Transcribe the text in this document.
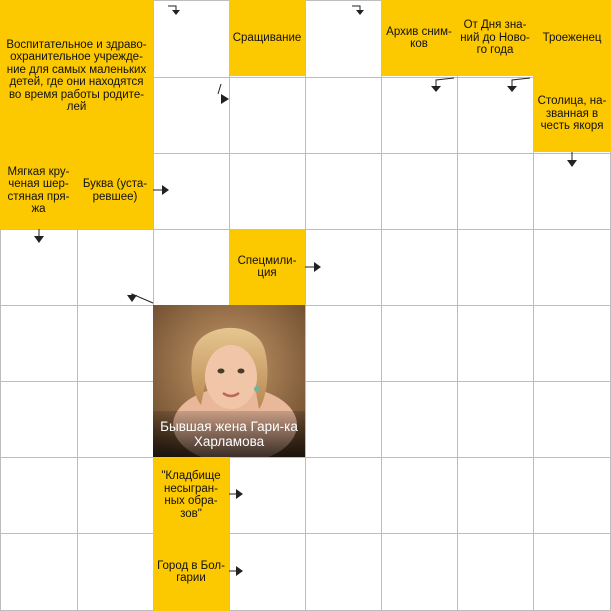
Воспитательное и здраво-охранительное учрежде-ние для самых маленьких детей, где они находятся во время работы родите-лей
Сращивание
Архив сним-ков
От Дня зна-ний до Ново-го года
Троеженец
Столица, на-званная в честь якоря
Мягкая кру-ченая шер-стяная пря-жа
Буква (уста-ревшее)
Спецмили-ция
"Кладбище несыгран-ных обра-зов"
Город в Бол-гарии
Бывшая жена Гари-ка Харламова
